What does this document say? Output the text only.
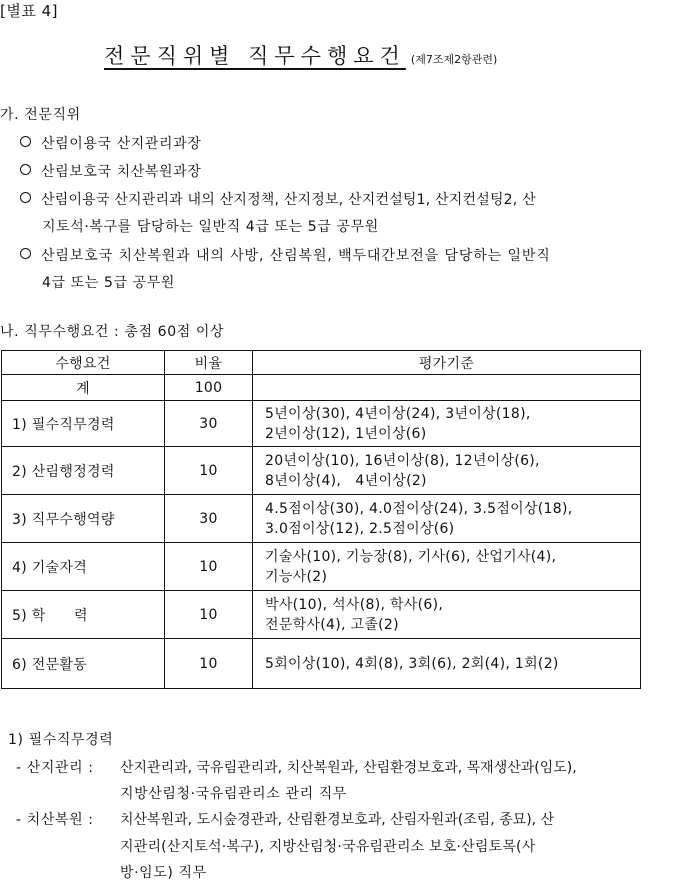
[별표 4]
전문직위별 직무수행요건 (제7조제2항관련)
가. 전문직위
산림이용국 산지관리과장
산림보호국 치산복원과장
산림이용국 산지관리과 내의 산지정책, 산지정보, 산지컨설팅1, 산지컨설팅2, 산
지토석·복구를 담당하는 일반직 4급 또는 5급 공무원
산림보호국 치산복원과 내의 사방, 산림복원, 백두대간보전을 담당하는 일반직
4급 또는 5급 공무원
나. 직무수행요건 : 총점 60점 이상
수행요건	비율	평가기준
계	100	
1) 필수직무경력	30	5년이상(30), 4년이상(24), 3년이상(18),
2년이상(12), 1년이상(6)

2) 산림행정경력	10	20년이상(10), 16년이상(8), 12년이상(6),
8년이상(4),   4년이상(2)

3) 직무수행역량	30	4.5점이상(30), 4.0점이상(24), 3.5점이상(18),
3.0점이상(12), 2.5점이상(6)

4) 기술자격	10	기술사(10), 기능장(8), 기사(6), 산업기사(4),
기능사(2)

5) 학      력	10	박사(10), 석사(8), 학사(6),
전문학사(4), 고졸(2)

6) 전문활동	10	5회이상(10), 4회(8), 3회(6), 2회(4), 1회(2)
1) 필수직무경력
- 산지관리 : 산지관리과, 국유림관리과, 치산복원과, 산림환경보호과, 목재생산과(임도),
지방산림청·국유림관리소 관리 직무
- 치산복원 : 치산복원과, 도시숲경관과, 산림환경보호과, 산림자원과(조림, 종묘), 산
지관리(산지토석·복구), 지방산림청·국유림관리소 보호·산림토목(사
방·임도) 직무
